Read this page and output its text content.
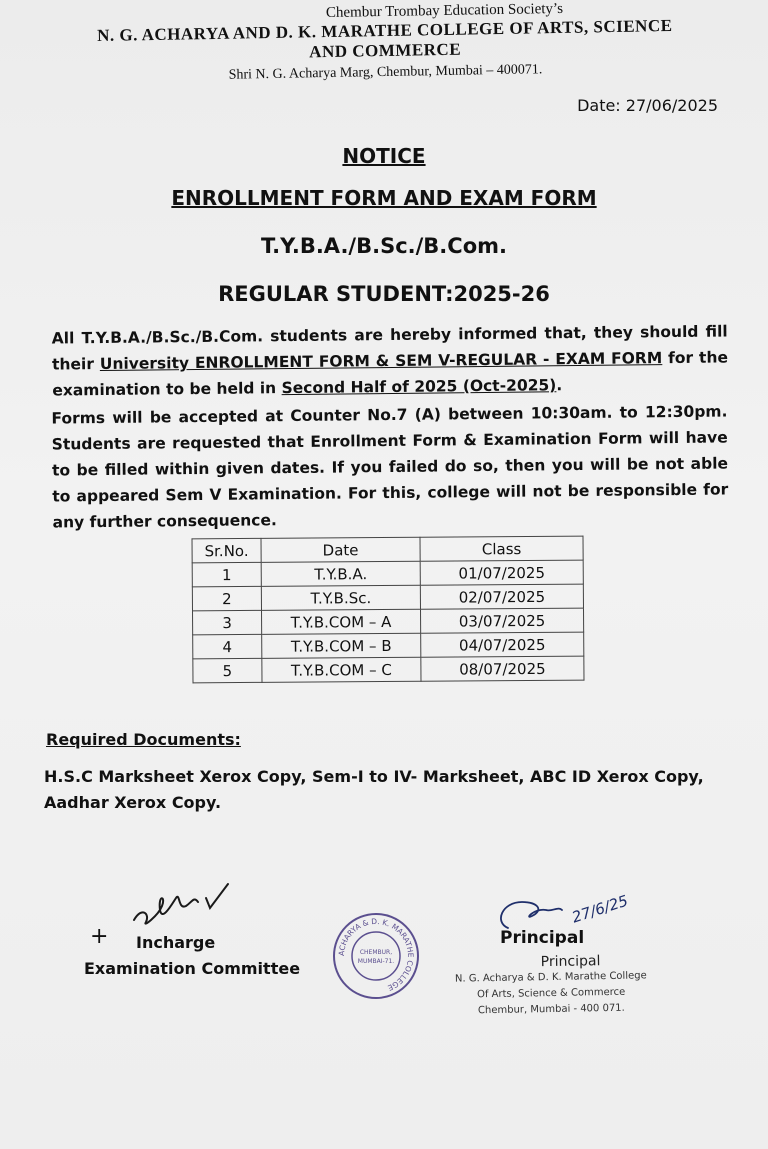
Chembur Trombay Education Society’s
N. G. ACHARYA AND D. K. MARATHE COLLEGE OF ARTS, SCIENCE
AND COMMERCE
Shri N. G. Acharya Marg, Chembur, Mumbai – 400071.
Date: 27/06/2025
NOTICE
ENROLLMENT FORM AND EXAM FORM
T.Y.B.A./B.Sc./B.Com.
REGULAR STUDENT:2025-26
All T.Y.B.A./B.Sc./B.Com. students are hereby informed that, they should fill their University ENROLLMENT FORM & SEM V-REGULAR - EXAM FORM for the examination to be held in Second Half of 2025 (Oct-2025).
Forms will be accepted at Counter No.7 (A) between 10:30am. to 12:30pm. Students are requested that Enrollment Form & Examination Form will have to be filled within given dates. If you failed do so, then you will be not able to appeared Sem V Examination. For this, college will not be responsible for any further consequence.
Sr.No.	Date	Class
1	T.Y.B.A.	01/07/2025
2	T.Y.B.Sc.	02/07/2025
3	T.Y.B.COM – A	03/07/2025
4	T.Y.B.COM – B	04/07/2025
5	T.Y.B.COM – C	08/07/2025
Required Documents:
H.S.C Marksheet Xerox Copy, Sem-I to IV- Marksheet, ABC ID Xerox Copy, Aadhar Xerox Copy.
+	Incharge
Examination Committee
ACHARYA & D. K. MARATHE COLLEGE
CHEMBUR,
MUMBAI-71.
27/6/25
Principal
Principal
N. G. Acharya & D. K. Marathe College
Of Arts, Science & Commerce
Chembur, Mumbai - 400 071.
